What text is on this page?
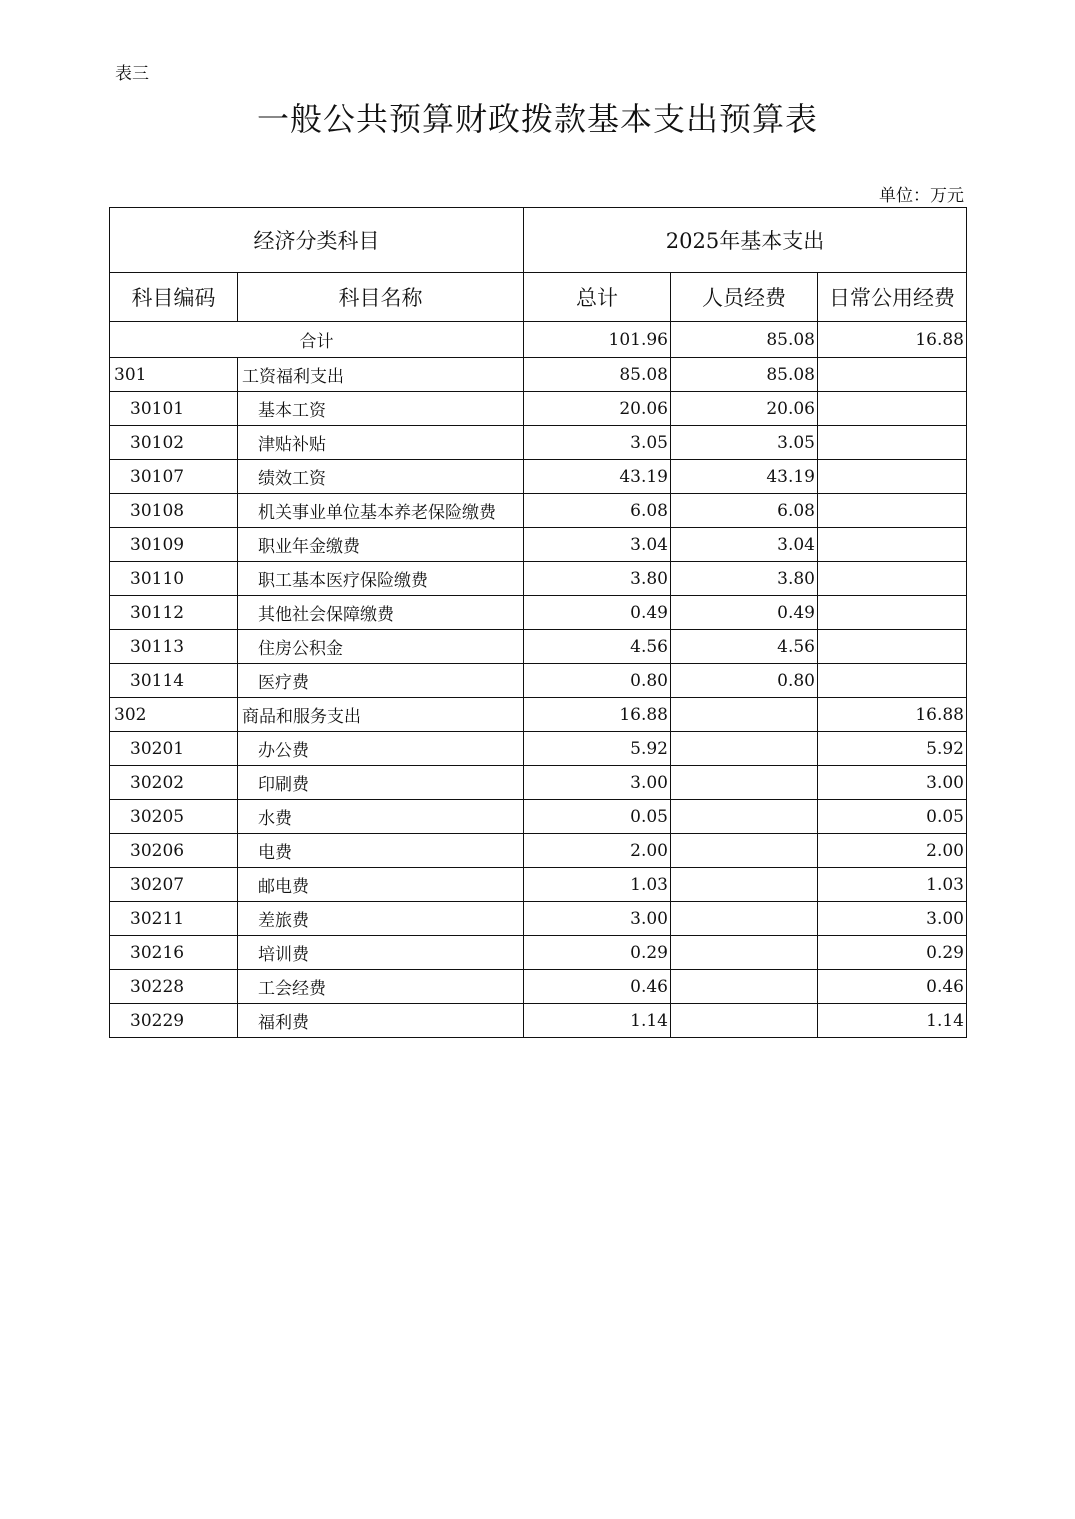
表三
一般公共预算财政拨款基本支出预算表
单位：万元
经济分类科目		2025年基本支出		
科目编码	科目名称	总计	人员经费	日常公用经费
合计		101.96	85.08	16.88
301	工资福利支出	85.08	85.08	
30101	基本工资	20.06	20.06	
30102	津贴补贴	3.05	3.05	
30107	绩效工资	43.19	43.19	
30108	机关事业单位基本养老保险缴费	6.08	6.08	
30109	职业年金缴费	3.04	3.04	
30110	职工基本医疗保险缴费	3.80	3.80	
30112	其他社会保障缴费	0.49	0.49	
30113	住房公积金	4.56	4.56	
30114	医疗费	0.80	0.80	
302	商品和服务支出	16.88		16.88
30201	办公费	5.92		5.92
30202	印刷费	3.00		3.00
30205	水费	0.05		0.05
30206	电费	2.00		2.00
30207	邮电费	1.03		1.03
30211	差旅费	3.00		3.00
30216	培训费	0.29		0.29
30228	工会经费	0.46		0.46
30229	福利费	1.14		1.14
